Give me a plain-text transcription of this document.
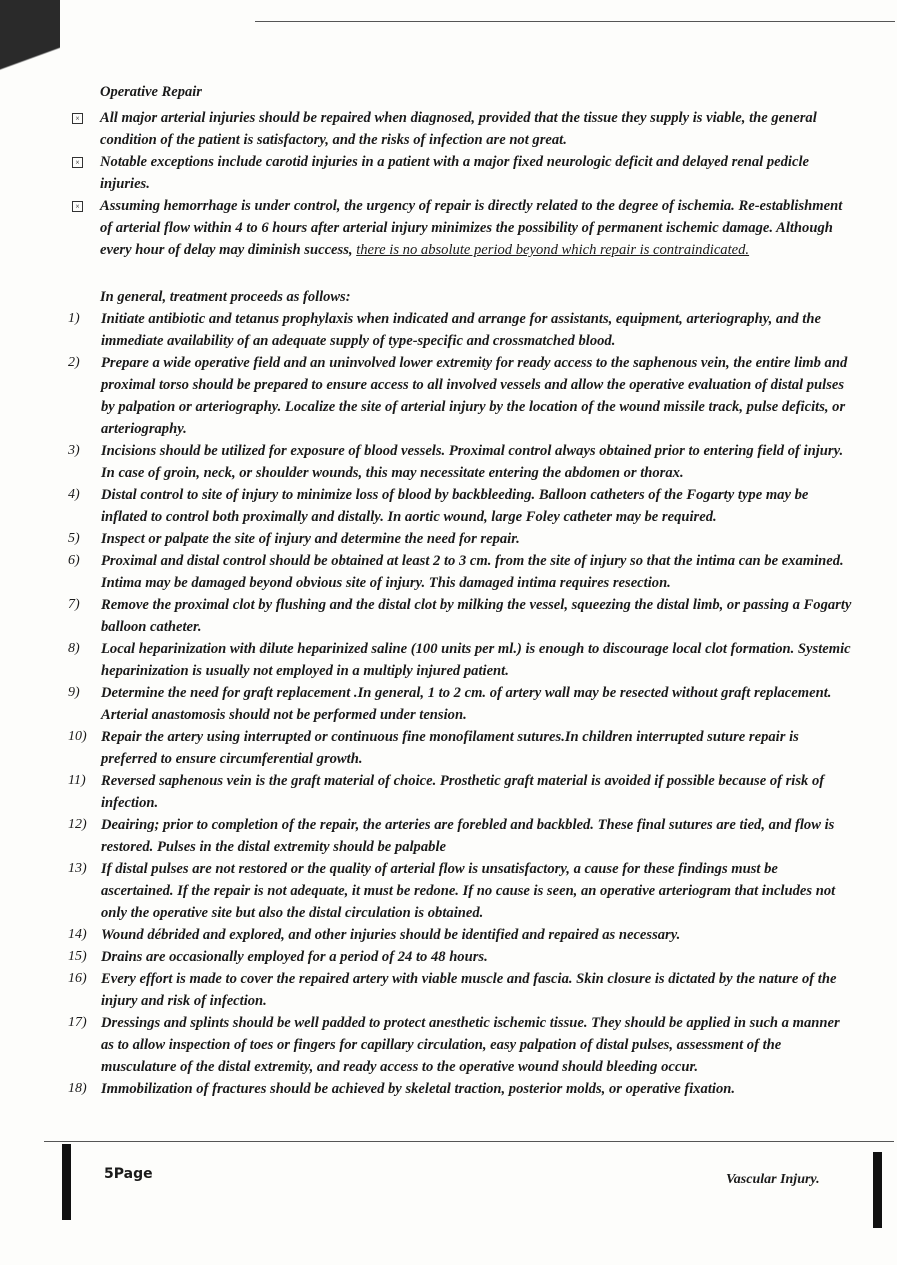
Operative Repair
× All major arterial injuries should be repaired when diagnosed, provided that the tissue they supply is viable, the general condition of the patient is satisfactory, and the risks of infection are not great.
× Notable exceptions include carotid injuries in a patient with a major fixed neurologic deficit and delayed renal pedicle injuries.
× Assuming hemorrhage is under control, the urgency of repair is directly related to the degree of ischemia. Re-establishment of arterial flow within 4 to 6 hours after arterial injury minimizes the possibility of permanent ischemic damage. Although every hour of delay may diminish success, there is no absolute period beyond which repair is contraindicated.
In general, treatment proceeds as follows:
1)	Initiate antibiotic and tetanus prophylaxis when indicated and arrange for assistants, equipment, arteriography, and the immediate availability of an adequate supply of type-specific and crossmatched blood.
2)	Prepare a wide operative field and an uninvolved lower extremity for ready access to the saphenous vein, the entire limb and proximal torso should be prepared to ensure access to all involved vessels and allow the operative evaluation of distal pulses by palpation or arteriography. Localize the site of arterial injury by the location of the wound missile track, pulse deficits, or arteriography.
3)	Incisions should be utilized for exposure of blood vessels. Proximal control always obtained prior to entering field of injury. In case of groin, neck, or shoulder wounds, this may necessitate entering the abdomen or thorax.
4)	Distal control to site of injury to minimize loss of blood by backbleeding. Balloon catheters of the Fogarty type may be inflated to control both proximally and distally. In aortic wound, large Foley catheter may be required.
5)	Inspect or palpate the site of injury and determine the need for repair.
6)	Proximal and distal control should be obtained at least 2 to 3 cm. from the site of injury so that the intima can be examined. Intima may be damaged beyond obvious site of injury. This damaged intima requires resection.
7)	Remove the proximal clot by flushing and the distal clot by milking the vessel, squeezing the distal limb, or passing a Fogarty balloon catheter.
8)	Local heparinization with dilute heparinized saline (100 units per ml.) is enough to discourage local clot formation. Systemic heparinization is usually not employed in a multiply injured patient.
9)	Determine the need for graft replacement .In general, 1 to 2 cm. of artery wall may be resected without graft replacement. Arterial anastomosis should not be performed under tension.
10) Repair the artery using interrupted or continuous fine monofilament sutures.In children interrupted suture repair is preferred to ensure circumferential growth.
11)	Reversed saphenous vein is the graft material of choice. Prosthetic graft material is avoided if possible because of risk of infection.
12) Deairing; prior to completion of the repair, the arteries are forebled and backbled. These final sutures are tied, and flow is restored. Pulses in the distal extremity should be palpable
13) If distal pulses are not restored or the quality of arterial flow is unsatisfactory, a cause for these findings must be ascertained. If the repair is not adequate, it must be redone. If no cause is seen, an operative arteriogram that includes not only the operative site but also the distal circulation is obtained.
14) Wound débrided and explored, and other injuries should be identified and repaired as necessary.
15) Drains are occasionally employed for a period of 24 to 48 hours.
16) Every effort is made to cover the repaired artery with viable muscle and fascia. Skin closure is dictated by the nature of the injury and risk of infection.
17) Dressings and splints should be well padded to protect anesthetic ischemic tissue. They should be applied in such a manner as to allow inspection of toes or fingers for capillary circulation, easy palpation of distal pulses, assessment of the musculature of the distal extremity, and ready access to the operative wound should bleeding occur.
18) Immobilization of fractures should be achieved by skeletal traction, posterior molds, or operative fixation.
5Page	Vascular Injury.
